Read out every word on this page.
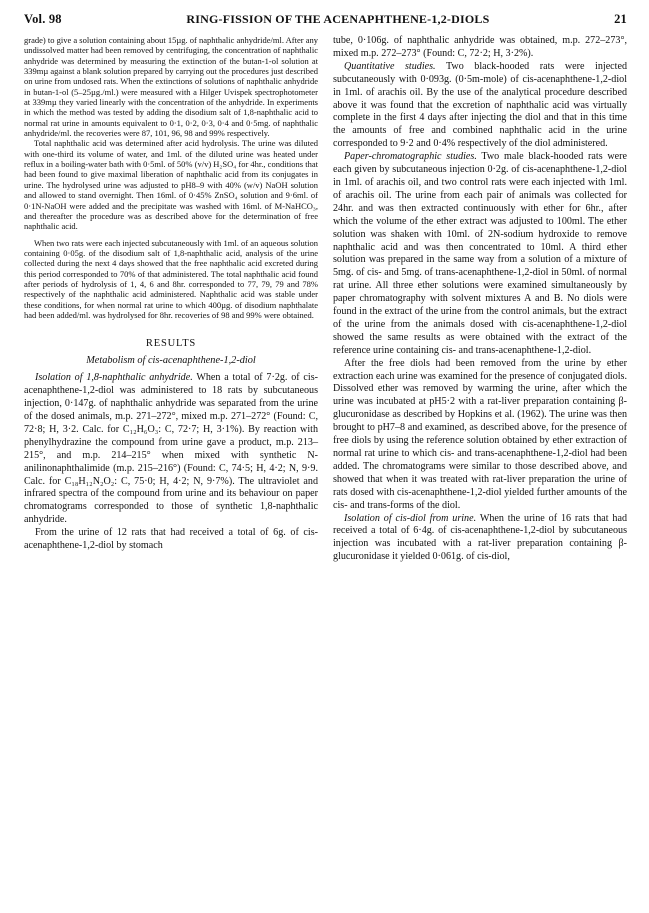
Vol. 98	RING-FISSION OF THE ACENAPHTHENE-1,2-DIOLS	21

grade) to give a solution containing about 15µg. of naphthalic anhydride/ml. After any undissolved matter had been removed by centrifuging, the concentration of naphthalic anhydride was determined by measuring the extinction of the butan-1-ol solution at 339mµ against a blank solution prepared by carrying out the procedures just described on urine from undosed rats. When the extinctions of solutions of naphthalic anhydride in butan-1-ol (5–25µg./ml.) were measured with a Hilger Uvispek spectrophotometer at 339mµ they varied linearly with the concentration of the anhydride. In experiments in which the method was tested by adding the disodium salt of 1,8-naphthalic acid to normal rat urine in amounts equivalent to 0·1, 0·2, 0·3, 0·4 and 0·5mg. of naphthalic anhydride/ml. the recoveries were 87, 101, 96, 98 and 99% respectively.

Total naphthalic acid was determined after acid hydrolysis. The urine was diluted with one-third its volume of water, and 1ml. of the diluted urine was heated under reflux in a boiling-water bath with 0·5ml. of 50% (v/v) H₂SO₄ for 4hr., conditions that had been found to give maximal liberation of naphthalic acid from its conjugates in urine. The hydrolysed urine was adjusted to pH8–9 with 40% (w/v) NaOH solution and allowed to stand overnight. Then 16ml. of 0·45% ZnSO₄ solution and 9·6ml. of 0·1N-NaOH were added and the precipitate was washed with 16ml. of M-NaHCO₃, and thereafter the procedure was as described above for the determination of free naphthalic acid.

When two rats were each injected subcutaneously with 1ml. of an aqueous solution containing 0·05g. of the disodium salt of 1,8-naphthalic acid, analysis of the urine collected during the next 4 days showed that the free naphthalic acid excreted during this period corresponded to 70% of that administered. The total naphthalic acid found after periods of hydrolysis of 1, 4, 6 and 8hr. corresponded to 77, 79, 79 and 78% respectively of the naphthalic acid administered. Naphthalic acid was stable under these conditions, for when normal rat urine to which 400µg. of disodium naphthalate had been added/ml. was hydrolysed for 8hr. recoveries of 98 and 99% were obtained.

RESULTS
Metabolism of cis-acenaphthene-1,2-diol

Isolation of 1,8-naphthalic anhydride. When a total of 7·2g. of cis-acenaphthene-1,2-diol was administered to 18 rats by subcutaneous injection, 0·147g. of naphthalic anhydride was separated from the urine of the dosed animals, m.p. 271–272°, mixed m.p. 271–272° (Found: C, 72·8; H, 3·2. Calc. for C₁₂H₆O₃: C, 72·7; H, 3·1%). By reaction with phenylhydrazine the compound from urine gave a product, m.p. 213–215°, and m.p. 214–215° when mixed with synthetic N-anilinonaphthalimide (m.p. 215–216°) (Found: C, 74·5; H, 4·2; N, 9·9. Calc. for C₁₈H₁₂N₂O₂: C, 75·0; H, 4·2; N, 9·7%). The ultraviolet and infrared spectra of the compound from urine and its behaviour on paper chromatograms corresponded to those of synthetic 1,8-naphthalic anhydride.

From the urine of 12 rats that had received a total of 6g. of cis-acenaphthene-1,2-diol by stomach

tube, 0·106g. of naphthalic anhydride was obtained, m.p. 272–273°, mixed m.p. 272–273° (Found: C, 72·2; H, 3·2%).

Quantitative studies. Two black-hooded rats were injected subcutaneously with 0·093g. (0·5m-mole) of cis-acenaphthene-1,2-diol in 1ml. of arachis oil. By the use of the analytical procedure described above it was found that the excretion of naphthalic acid was virtually complete in the first 4 days after injecting the diol and that in this time the amounts of free and combined naphthalic acid in the urine corresponded to 9·2 and 0·4% respectively of the diol administered.

Paper-chromatographic studies. Two male black-hooded rats were each given by subcutaneous injection 0·2g. of cis-acenaphthene-1,2-diol in 1ml. of arachis oil, and two control rats were each injected with 1ml. of arachis oil. The urine from each pair of animals was collected for 24hr. and was then extracted continuously with ether for 6hr., after which the volume of the ether extract was adjusted to 100ml. The ether solution was shaken with 10ml. of 2N-sodium hydroxide to remove naphthalic acid and was then concentrated to 10ml. A third ether solution was prepared in the same way from a solution of a mixture of 5mg. of cis- and 5mg. of trans-acenaphthene-1,2-diol in 50ml. of normal rat urine. All three ether solutions were examined simultaneously by paper chromatography with solvent mixtures A and B. No diols were found in the extract of the urine from the control animals, but the extract of the urine from the animals dosed with cis-acenaphthene-1,2-diol showed the same results as were obtained with the extract of the reference urine containing cis- and trans-acenaphthene-1,2-diol.

After the free diols had been removed from the urine by ether extraction each urine was examined for the presence of conjugated diols. Dissolved ether was removed by warming the urine, after which the urine was incubated at pH5·2 with a rat-liver preparation containing β-glucuronidase as described by Hopkins et al. (1962). The urine was then brought to pH7–8 and examined, as described above, for the presence of free diols by using the reference solution obtained by ether extraction of normal rat urine to which cis- and trans-acenaphthene-1,2-diol had been added. The chromatograms were similar to those described above, and showed that when it was treated with rat-liver preparation the urine of rats dosed with cis-acenaphthene-1,2-diol yielded further amounts of the cis- and trans-forms of the diol.

Isolation of cis-diol from urine. When the urine of 16 rats that had received a total of 6·4g. of cis-acenaphthene-1,2-diol by subcutaneous injection was incubated with a rat-liver preparation containing β-glucuronidase it yielded 0·061g. of cis-diol,
